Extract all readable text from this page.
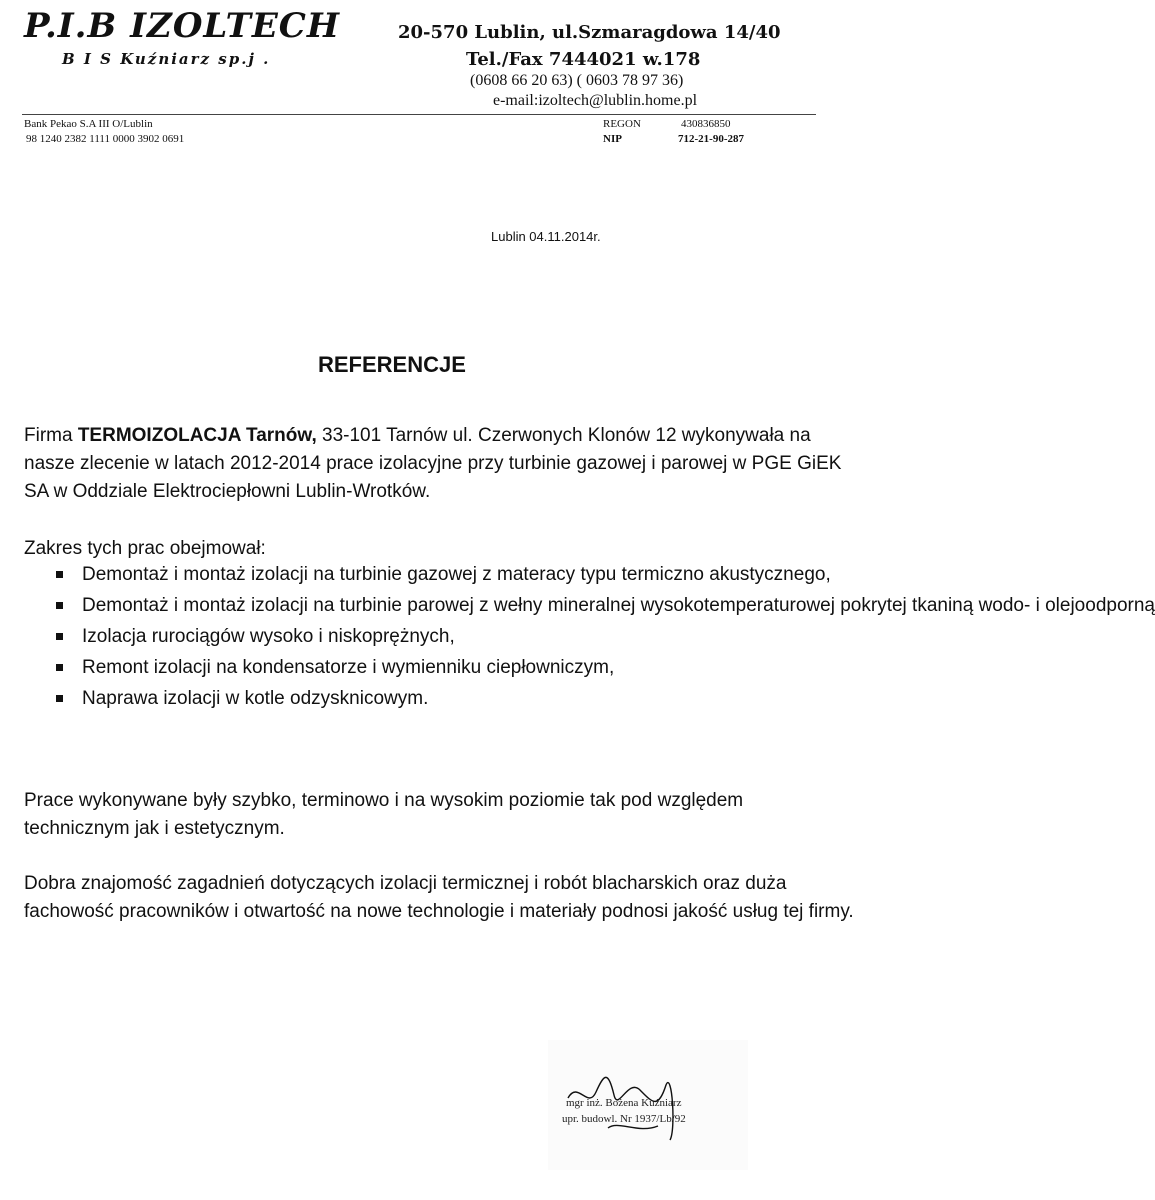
P.I.B IZOLTECH
B I S Kuźniarz sp.j .
20-570 Lublin, ul.Szmaragdowa 14/40
Tel./Fax 7444021 w.178
(0608 66 20 63) ( 0603 78 97 36)
e-mail:izoltech@lublin.home.pl
Bank Pekao S.A III O/Lublin
98 1240 2382 1111 0000 3902 0691
REGON	430836850
NIP	712-21-90-287
Lublin 04.11.2014r.
REFERENCJE
Firma TERMOIZOLACJA Tarnów, 33-101 Tarnów ul. Czerwonych Klonów 12 wykonywała na nasze zlecenie w latach 2012-2014 prace izolacyjne przy turbinie gazowej i parowej w PGE GiEK SA w Oddziale Elektrociepłowni Lublin-Wrotków.
Zakres tych prac obejmował:
Demontaż i montaż izolacji na turbinie gazowej z materacy typu termiczno akustycznego,
Demontaż i montaż izolacji na turbinie parowej z wełny mineralnej wysokotemperaturowej pokrytej tkaniną wodo- i olejoodporną
Izolacja rurociągów wysoko i niskoprężnych,
Remont izolacji na kondensatorze i wymienniku ciepłowniczym,
Naprawa izolacji w kotle odzysknicowym.
Prace wykonywane były szybko, terminowo i na wysokim poziomie tak pod względem technicznym jak i estetycznym.
Dobra znajomość zagadnień dotyczących izolacji termicznej i robót blacharskich oraz duża fachowość pracowników i otwartość na nowe technologie i materiały podnosi jakość usług tej firmy.
mgr inż. Bożena Kuźniarz
upr. budowl. Nr 1937/Lb/92
